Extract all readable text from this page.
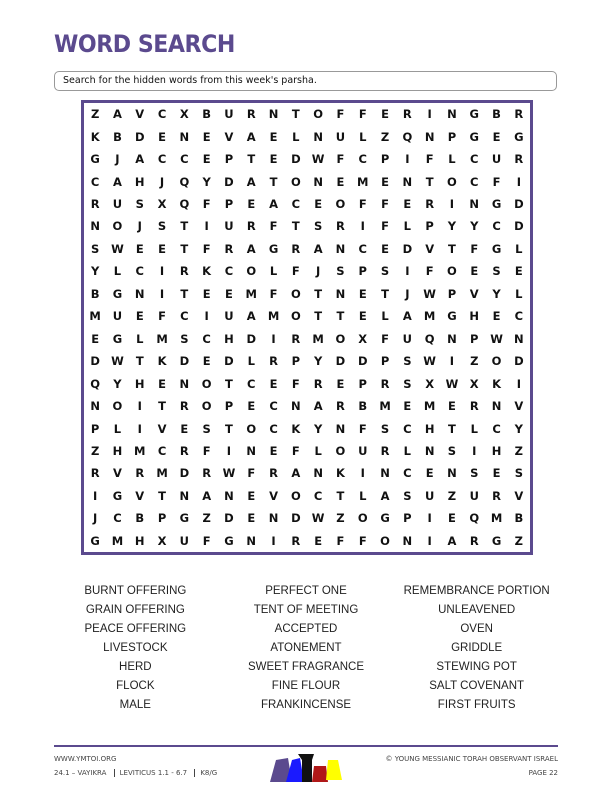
WORD SEARCH
Search for the hidden words from this week's parsha.
Z	A	V	C	X	B	U	R	N	T	O	F	F	E	R	I	N	G	B	R
K	B	D	E	N	E	V	A	E	L	N	U	L	Z	Q	N	P	G	E	G
G	J	A	C	C	E	P	T	E	D W	F	C	P	I	F	L	C	U	R
C	A	H	J	Q	Y	D	A	T	O	N	E	M	E	N	T	O	C	F	I
R	U	S	X	Q	F	P	E	A	C	E	O	F	F	E	R	I	N	G	D
N	O	J	S	T	I	U	R	F	T	S	R	I	F	L	P	Y	Y	C	D
S	W	E	E	T	F	R	A	G	R	A	N	C	E	D	V	T	F	G	L
Y	L	C	I	R	K	C	O	L	F	J	S	P	S	I	F	O	E	S	E
B	G	N	I	T	E	E	M	F	O	T	N	E	T	J	W	P	V	Y	L
M	U	E	F	C	I	U	A	M	O	T	T	E	L	A	M	G	H	E	C
E	G	L	M	S	C	H	D	I	R	M	O	X	F	U	Q	N	P	W N
D W	T	K	D	E	D	L	R	P	Y	D	D	P	S	W	I	Z	O	D
Q	Y	H	E	N	O	T	C	E	F	R	E	P	R	S	X	W	X	K	I
N	O	I	T	R	O	P	E	C	N	A	R	B	M	E	M	E	R	N	V
P	L	I	V	E	S	T	O	C	K	Y	N	F	S	C	H	T	L	C	Y
Z	H	M	C	R	F	I	N	E	F	L	O	U	R	L	N	S	I	H	Z
R	V	R	M	D	R	W	F	R	A	N	K	I	N	C	E	N	S	E	S
I	G	V	T	N	A	N	E	V	O	C	T	L	A	S	U	Z	U	R	V
J	C	B	P	G	Z	D	E	N	D W	Z	O	G	P	I	E	Q	M	B
G	M	H	X	U	F	G	N	I	R	E	F	F	O	N	I	A	R	G	Z
BURNT OFFERING	PERFECT ONE	REMEMBRANCE PORTION
GRAIN OFFERING	TENT OF MEETING	UNLEAVENED
PEACE OFFERING	ACCEPTED	OVEN
LIVESTOCK	ATONEMENT	GRIDDLE
HERD	SWEET FRAGRANCE	STEWING POT
FLOCK	FINE FLOUR	SALT COVENANT
MALE	FRANKINCENSE	FIRST FRUITS
WWW.YMTOI.ORG
24.1 – VAYIKRA LEVITICUS 1.1 - 6.7 K8/G
© YOUNG MESSIANIC TORAH OBSERVANT ISRAEL
PAGE 22
